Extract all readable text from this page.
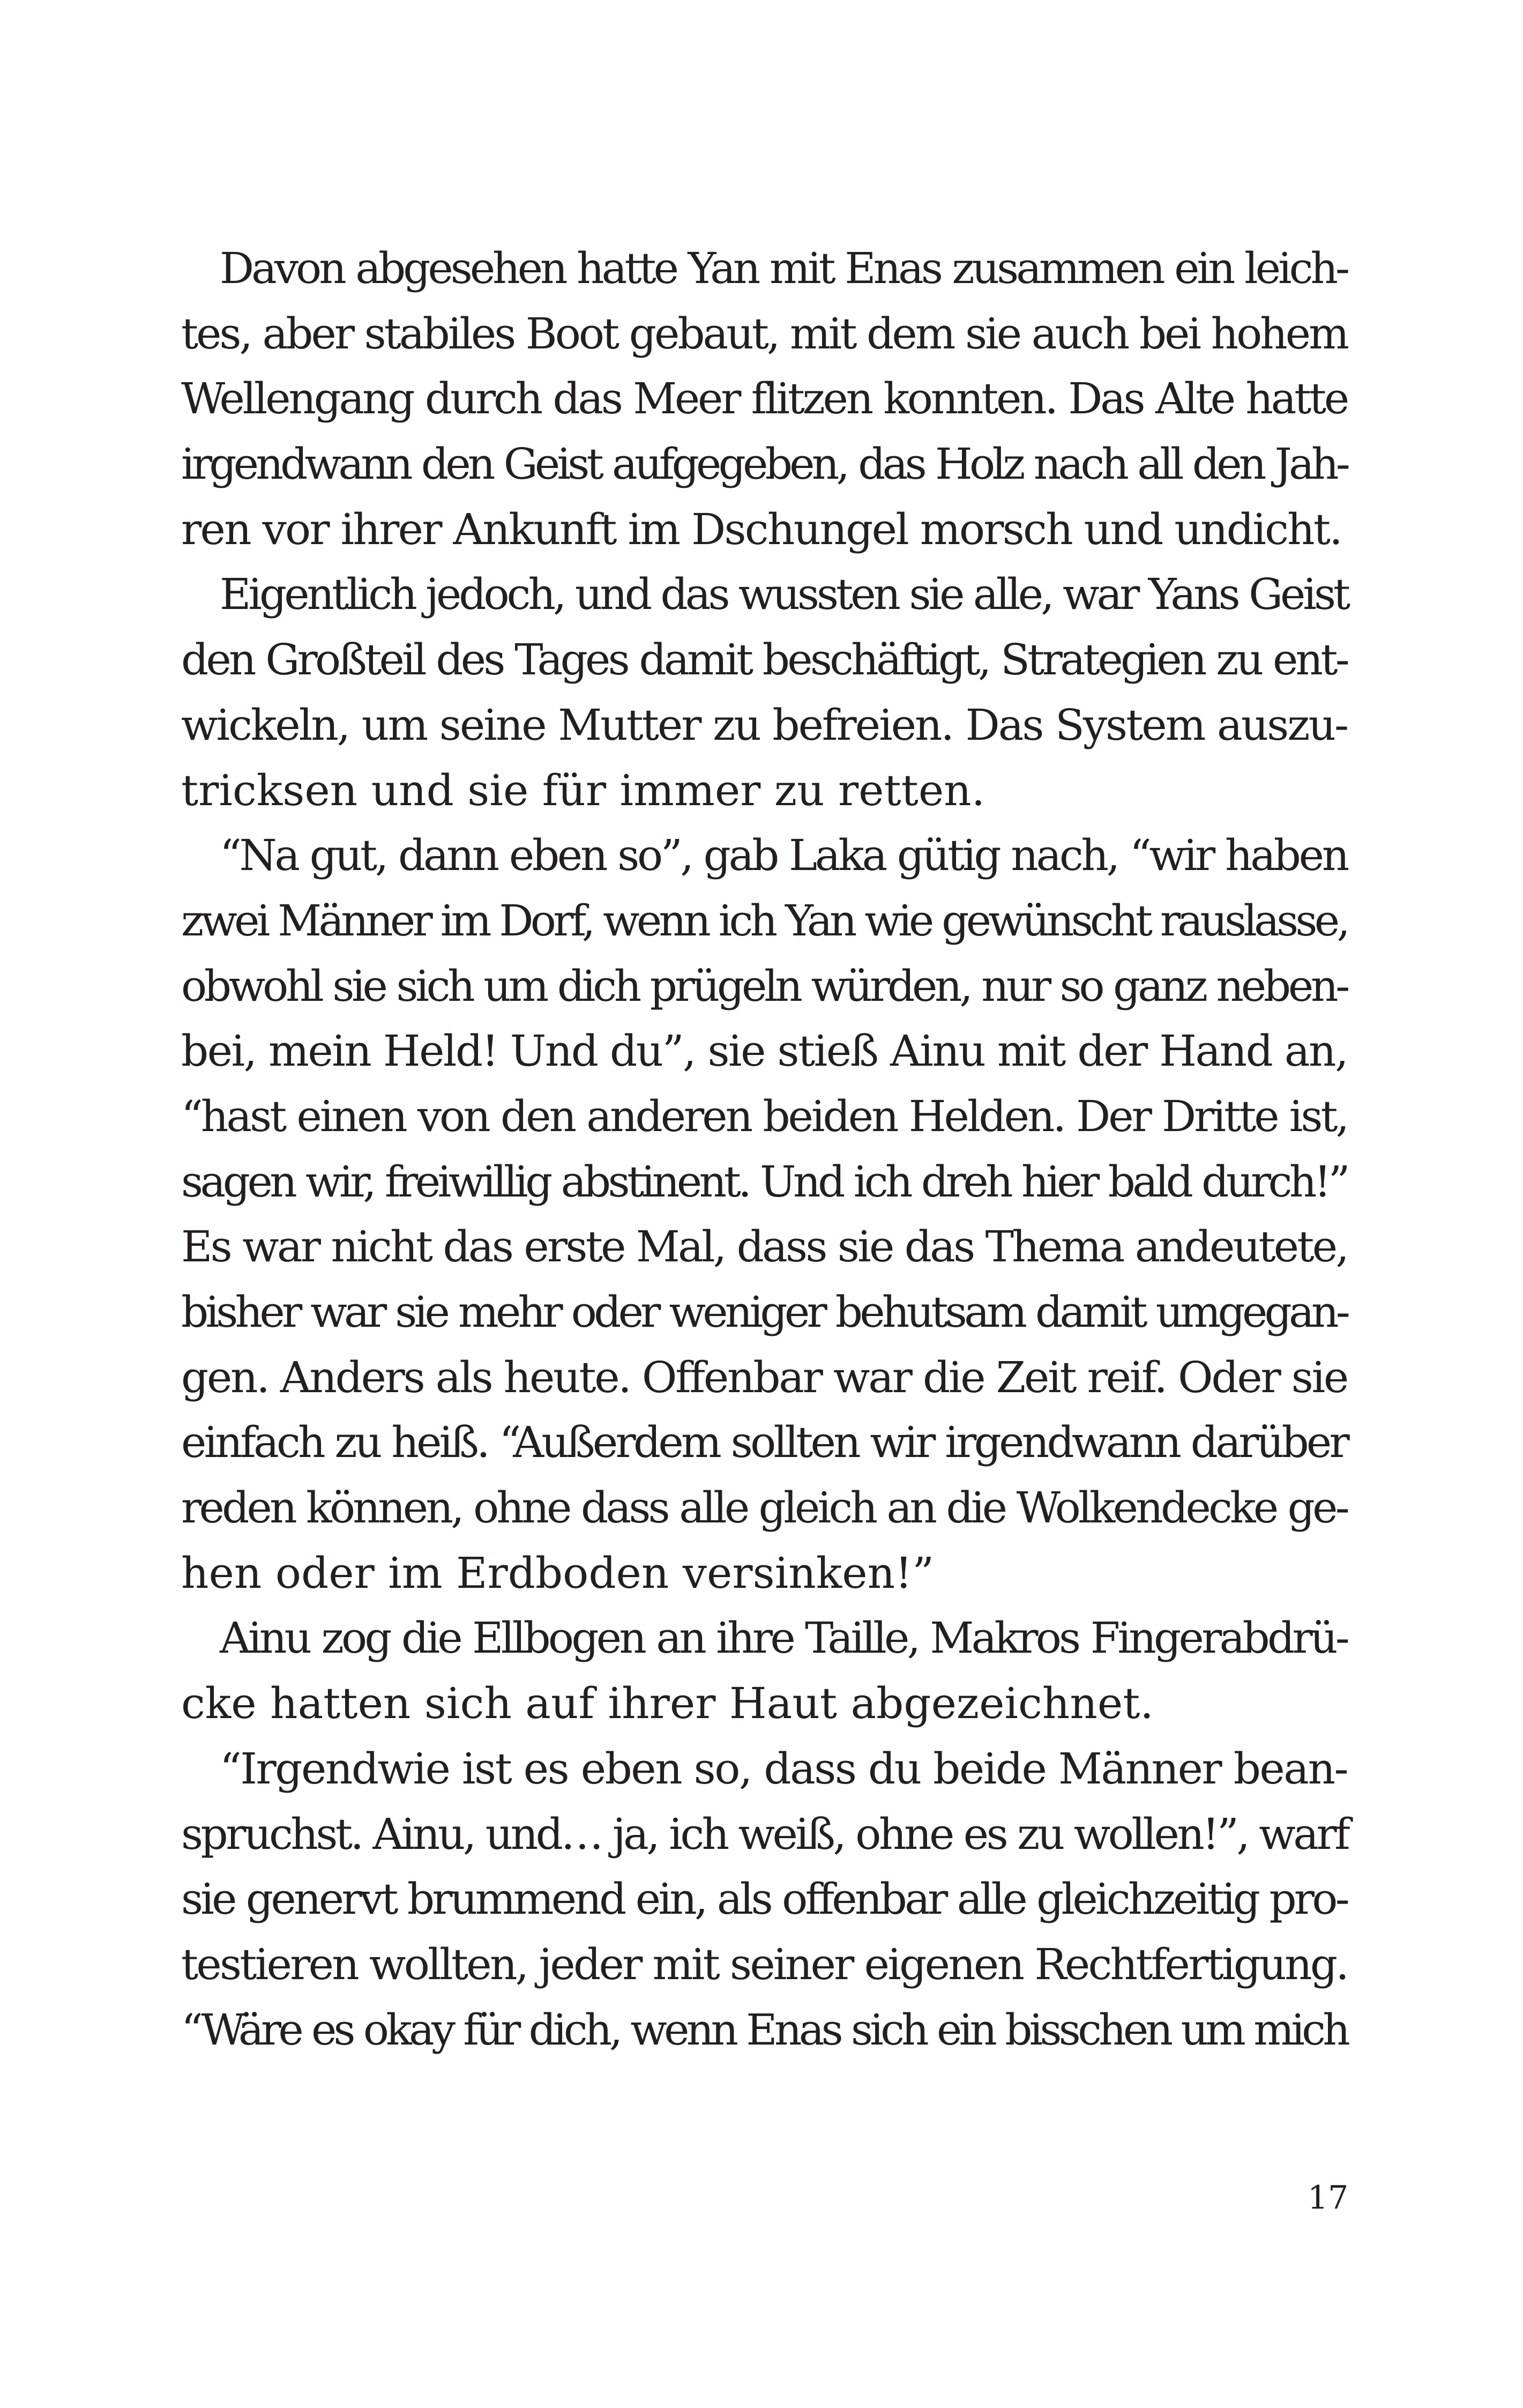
Davon abgesehen hatte Yan mit Enas zusammen ein leich-
tes, aber stabiles Boot gebaut, mit dem sie auch bei hohem
Wellengang durch das Meer flitzen konnten. Das Alte hatte
irgendwann den Geist aufgegeben, das Holz nach all den Jah-
ren vor ihrer Ankunft im Dschungel morsch und undicht.
Eigentlich jedoch, und das wussten sie alle, war Yans Geist
den Großteil des Tages damit beschäftigt, Strategien zu ent-
wickeln, um seine Mutter zu befreien. Das System auszu-
tricksen und sie für immer zu retten.
“Na gut, dann eben so”, gab Laka gütig nach, “wir haben
zwei Männer im Dorf, wenn ich Yan wie gewünscht rauslasse,
obwohl sie sich um dich prügeln würden, nur so ganz neben-
bei, mein Held! Und du”, sie stieß Ainu mit der Hand an,
“hast einen von den anderen beiden Helden. Der Dritte ist,
sagen wir, freiwillig abstinent. Und ich dreh hier bald durch!”
Es war nicht das erste Mal, dass sie das Thema andeutete,
bisher war sie mehr oder weniger behutsam damit umgegan-
gen. Anders als heute. Offenbar war die Zeit reif. Oder sie
einfach zu heiß. “Außerdem sollten wir irgendwann darüber
reden können, ohne dass alle gleich an die Wolkendecke ge-
hen oder im Erdboden versinken!”
Ainu zog die Ellbogen an ihre Taille, Makros Fingerabdrü-
cke hatten sich auf ihrer Haut abgezeichnet.
“Irgendwie ist es eben so, dass du beide Männer bean-
spruchst. Ainu, und… ja, ich weiß, ohne es zu wollen!”, warf
sie genervt brummend ein, als offenbar alle gleichzeitig pro-
testieren wollten, jeder mit seiner eigenen Rechtfertigung.
“Wäre es okay für dich, wenn Enas sich ein bisschen um mich
17
